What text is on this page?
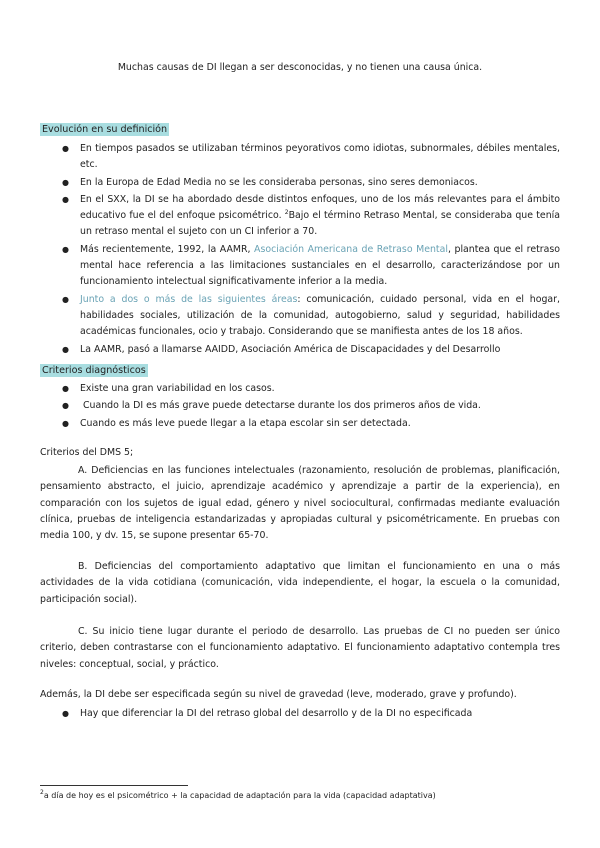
Muchas causas de DI llegan a ser desconocidas, y no tienen una causa única.
Evolución en su definición
● En tiempos pasados se utilizaban términos peyorativos como idiotas, subnormales, débiles mentales, etc.
● En la Europa de Edad Media no se les consideraba personas, sino seres demoniacos.
● En el SXX, la DI se ha abordado desde distintos enfoques, uno de los más relevantes para el ámbito educativo fue el del enfoque psicométrico. $^2$Bajo el término Retraso Mental, se consideraba que tenía un retraso mental el sujeto con un CI inferior a 70.
● Más recientemente, 1992, la AAMR, Asociación Americana de Retraso Mental, plantea que el retraso mental hace referencia a las limitaciones sustanciales en el desarrollo, caracterizándose por un funcionamiento intelectual significativamente inferior a la media.
● Junto a dos o más de las siguientes áreas: comunicación, cuidado personal, vida en el hogar, habilidades sociales, utilización de la comunidad, autogobierno, salud y seguridad, habilidades académicas funcionales, ocio y trabajo. Considerando que se manifiesta antes de los 18 años.
● La AAMR, pasó a llamarse AAIDD, Asociación América de Discapacidades y del Desarrollo
Criterios diagnósticos
● Existe una gran variabilidad en los casos.
● Cuando la DI es más grave puede detectarse durante los dos primeros años de vida.
● Cuando es más leve puede llegar a la etapa escolar sin ser detectada.
Criterios del DMS 5;
A. Deficiencias en las funciones intelectuales (razonamiento, resolución de problemas, planificación, pensamiento abstracto, el juicio, aprendizaje académico y aprendizaje a partir de la experiencia), en comparación con los sujetos de igual edad, género y nivel sociocultural, confirmadas mediante evaluación clínica, pruebas de inteligencia estandarizadas y apropiadas cultural y psicométricamente. En pruebas con media 100, y dv. 15, se supone presentar 65-70.
B. Deficiencias del comportamiento adaptativo que limitan el funcionamiento en una o más actividades de la vida cotidiana (comunicación, vida independiente, el hogar, la escuela o la comunidad, participación social).
C. Su inicio tiene lugar durante el periodo de desarrollo. Las pruebas de CI no pueden ser único criterio, deben contrastarse con el funcionamiento adaptativo. El funcionamiento adaptativo contempla tres niveles: conceptual, social, y práctico.
Además, la DI debe ser especificada según su nivel de gravedad (leve, moderado, grave y profundo).
● Hay que diferenciar la DI del retraso global del desarrollo y de la DI no especificada
$^2$a día de hoy es el psicométrico + la capacidad de adaptación para la vida (capacidad adaptativa)
